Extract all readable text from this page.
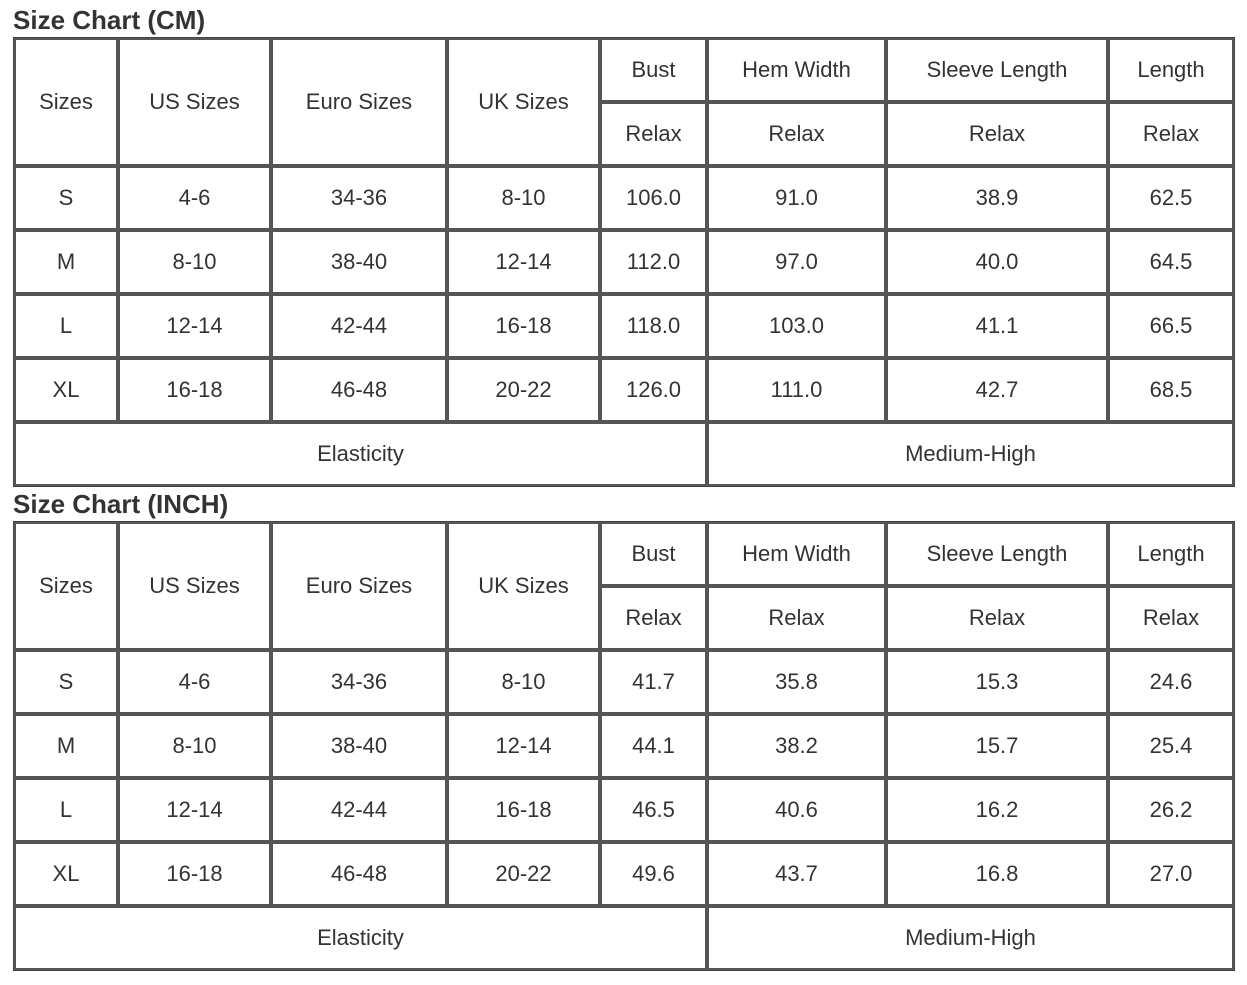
Size Chart (CM)
Sizes	US Sizes	Euro Sizes	UK Sizes	Bust	Hem Width	Sleeve Length	Length
				Relax	Relax	Relax	Relax
S	4-6	34-36	8-10	106.0	91.0	38.9	62.5
M	8-10	38-40	12-14	112.0	97.0	40.0	64.5
L	12-14	42-44	16-18	118.0	103.0	41.1	66.5
XL	16-18	46-48	20-22	126.0	111.0	42.7	68.5
Elasticity					Medium-High		
Size Chart (INCH)
Sizes	US Sizes	Euro Sizes	UK Sizes	Bust	Hem Width	Sleeve Length	Length
				Relax	Relax	Relax	Relax
S	4-6	34-36	8-10	41.7	35.8	15.3	24.6
M	8-10	38-40	12-14	44.1	38.2	15.7	25.4
L	12-14	42-44	16-18	46.5	40.6	16.2	26.2
XL	16-18	46-48	20-22	49.6	43.7	16.8	27.0
Elasticity					Medium-High		
